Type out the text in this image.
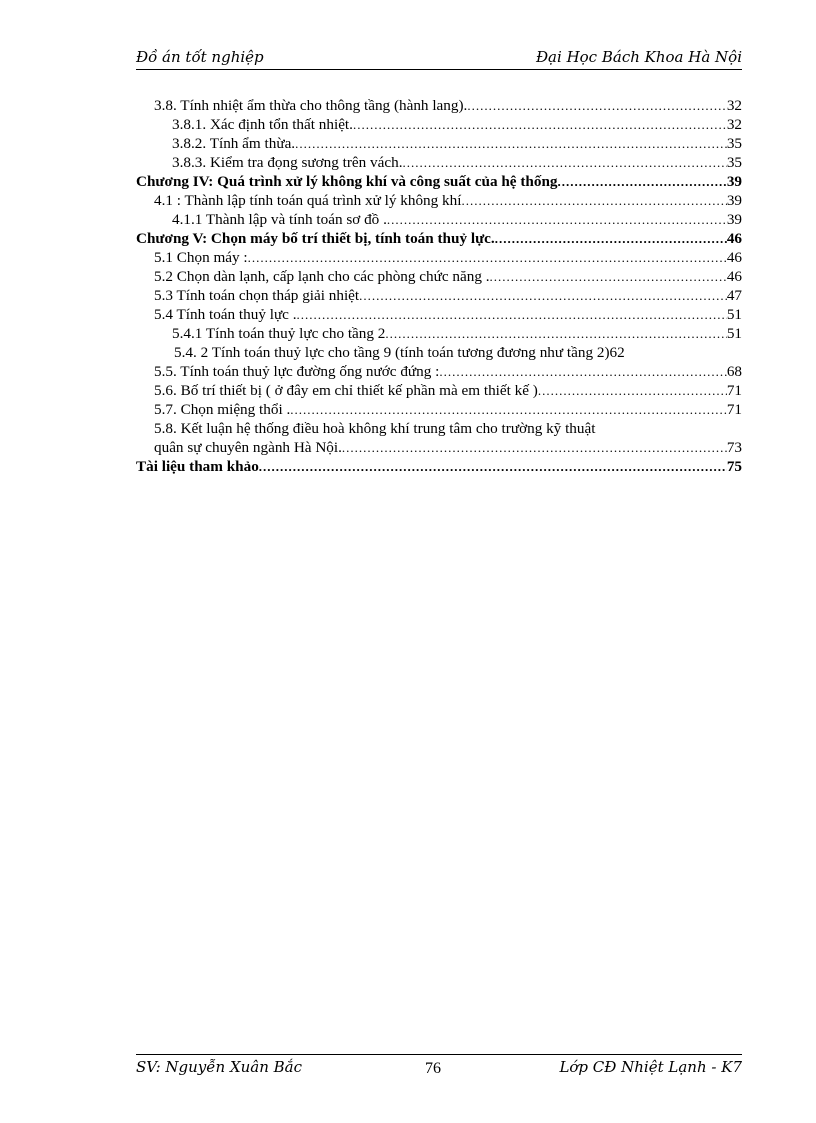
Đồ án tốt nghiệp	Đại Học Bách Khoa Hà Nội
3.8. Tính nhiệt ẩm thừa cho thông tầng (hành lang). .....	32
3.8.1. Xác định tổn thất nhiệt. .....	32
3.8.2. Tính ẩm thừa. .....	35
3.8.3. Kiểm tra đọng sương trên vách. .....	35
Chương IV: Quá trình xử lý không khí và công suất của hệ thống .....	39
4.1 : Thành lập tính toán quá trình xử lý không khí .....	39
4.1.1 Thành lập và tính toán sơ đồ . .....	39
Chương V: Chọn máy bố trí thiết bị, tính toán thuỷ lực. .....	46
5.1 Chọn máy : .....	46
5.2 Chọn dàn lạnh, cấp lạnh cho các phòng chức năng . .....	46
5.3 Tính toán chọn tháp giải nhiệt .....	47
5.4 Tính toán thuỷ lực . .....	51
5.4.1 Tính toán thuỷ lực cho tầng 2 .....	51
5.4. 2 Tính toán thuỷ lực cho tầng 9 (tính toán tương đương như tầng 2) 62
5.5. Tính toán thuỷ lực đường ống nước đứng : .....	68
5.6. Bố trí thiết bị ( ở đây em chỉ thiết kế phần mà em thiết kế ) .....	71
5.7. Chọn miệng thổi . .....	71
5.8. Kết luận hệ thống điều hoà không khí trung tâm cho trường kỹ thuật
quân sự chuyên ngành Hà Nội. .....	73
Tài liệu tham khảo .....	75
SV: Nguyễn Xuân Bắc	76	Lớp CĐ Nhiệt Lạnh - K7
